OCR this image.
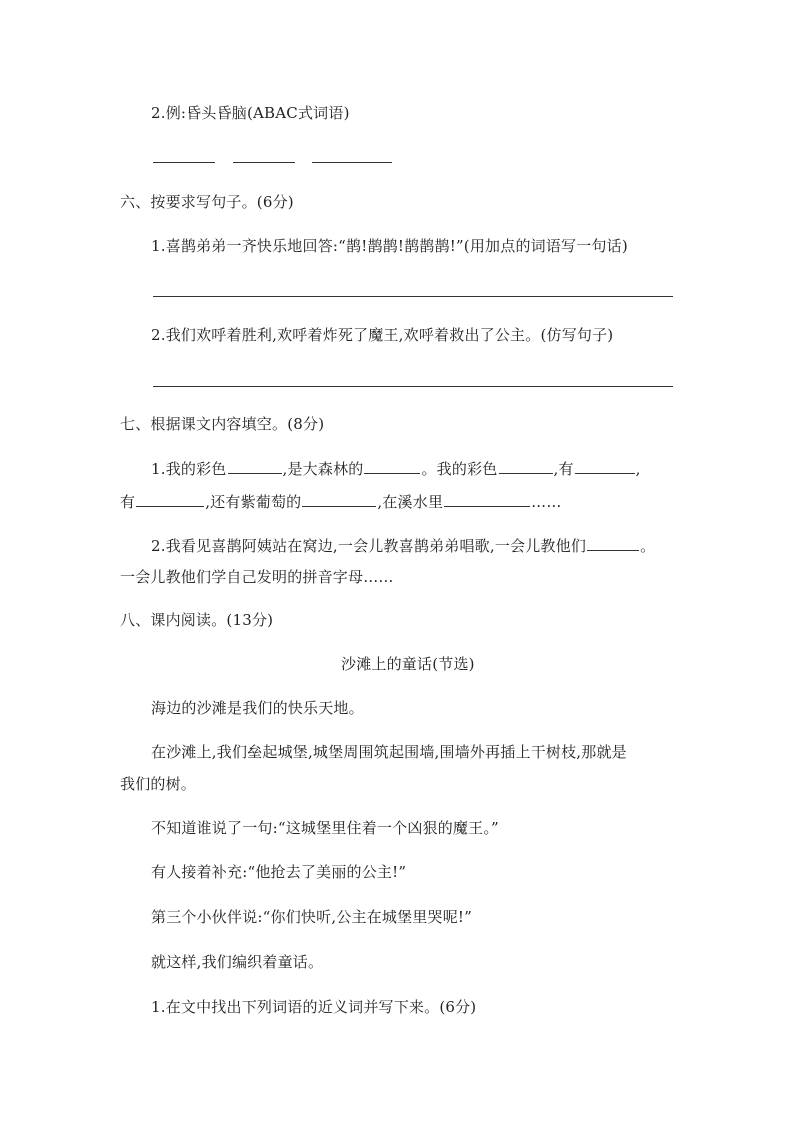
2.例:昏头昏脑(ABAC式词语)
六、按要求写句子。(6分)
1.喜鹊弟弟一齐快乐地回答:“鹊!鹊鹊!鹊鹊鹊!”(用加点的词语写一句话)
2.我们欢呼着胜利,欢呼着炸死了魔王,欢呼着救出了公主。(仿写句子)
七、根据课文内容填空。(8分)
1.我的彩色	,是大森林的	。我的彩色	,有	,
有	,还有紫葡萄的	,在溪水里	……
2.我看见喜鹊阿姨站在窝边,一会儿教喜鹊弟弟唱歌,一会儿教他们	。
一会儿教他们学自己发明的拼音字母……
八、课内阅读。(13分)
沙滩上的童话(节选)
海边的沙滩是我们的快乐天地。
在沙滩上,我们垒起城堡,城堡周围筑起围墙,围墙外再插上干树枝,那就是
我们的树。
不知道谁说了一句:“这城堡里住着一个凶狠的魔王。”
有人接着补充:“他抢去了美丽的公主!”
第三个小伙伴说:“你们快听,公主在城堡里哭呢!”
就这样,我们编织着童话。
1.在文中找出下列词语的近义词并写下来。(6分)
